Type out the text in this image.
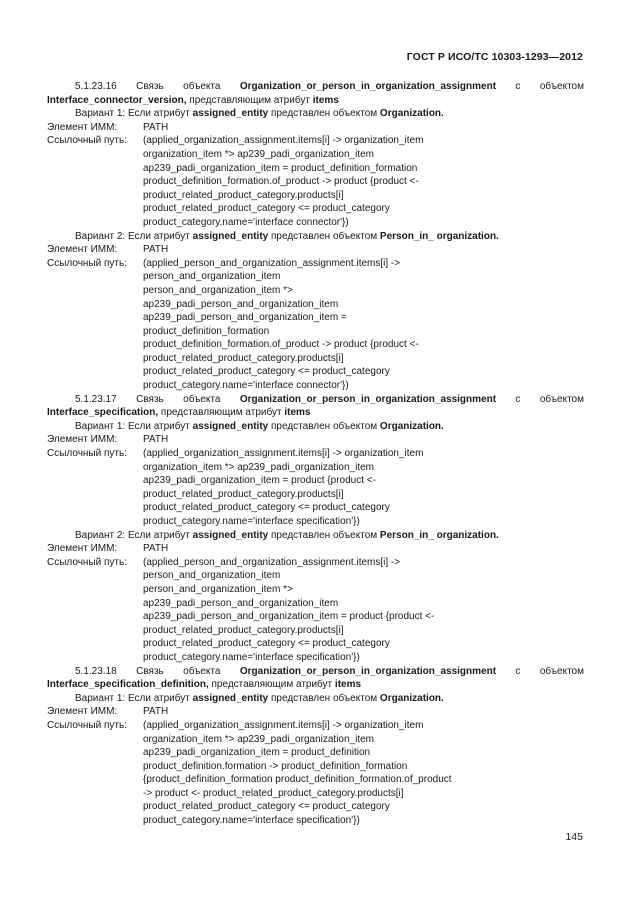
ГОСТ Р ИСО/ТС 10303-1293—2012
5.1.23.16 Связь объекта Organization_or_person_in_organization_assignment с объектом Interface_connector_version, представляющим атрибут items
Вариант 1: Если атрибут assigned_entity представлен объектом Organization.
Элемент ИММ:	PATH
Ссылочный путь:	(applied_organization_assignment.items[i] -> organization_item
organization_item *> ap239_padi_organization_item
ap239_padi_organization_item = product_definition_formation
product_definition_formation.of_product -> product {product <-
product_related_product_category.products[i]
product_related_product_category <= product_category
product_category.name='interface connector'})
Вариант 2: Если атрибут assigned_entity представлен объектом Person_in_ organization.
Элемент ИММ:	PATH
Ссылочный путь:	(applied_person_and_organization_assignment.items[i] ->
person_and_organization_item
person_and_organization_item *>
ap239_padi_person_and_organization_item
ap239_padi_person_and_organization_item =
product_definition_formation
product_definition_formation.of_product -> product {product <-
product_related_product_category.products[i]
product_related_product_category <= product_category
product_category.name='interface connector'})
5.1.23.17 Связь объекта Organization_or_person_in_organization_assignment с объектом Interface_specification, представляющим атрибут items
Вариант 1: Если атрибут assigned_entity представлен объектом Organization.
Элемент ИММ:	PATH
Ссылочный путь:	(applied_organization_assignment.items[i] -> organization_item
organization_item *> ap239_padi_organization_item
ap239_padi_organization_item = product {product <-
product_related_product_category.products[i]
product_related_product_category <= product_category
product_category.name='interface specification'})
Вариант 2: Если атрибут assigned_entity представлен объектом Person_in_ organization.
Элемент ИММ:	PATH
Ссылочный путь:	(applied_person_and_organization_assignment.items[i] ->
person_and_organization_item
person_and_organization_item *>
ap239_padi_person_and_organization_item
ap239_padi_person_and_organization_item = product {product <-
product_related_product_category.products[i]
product_related_product_category <= product_category
product_category.name='interface specification'})
5.1.23.18 Связь объекта Organization_or_person_in_organization_assignment с объектом Interface_specification_definition, представляющим атрибут items
Вариант 1: Если атрибут assigned_entity представлен объектом Organization.
Элемент ИММ:	PATH
Ссылочный путь:	(applied_organization_assignment.items[i] -> organization_item
organization_item *> ap239_padi_organization_item
ap239_padi_organization_item = product_definition
product_definition.formation -> product_definition_formation
{product_definition_formation product_definition_formation.of_product
-> product <- product_related_product_category.products[i]
product_related_product_category <= product_category
product_category.name='interface specification'})
145
